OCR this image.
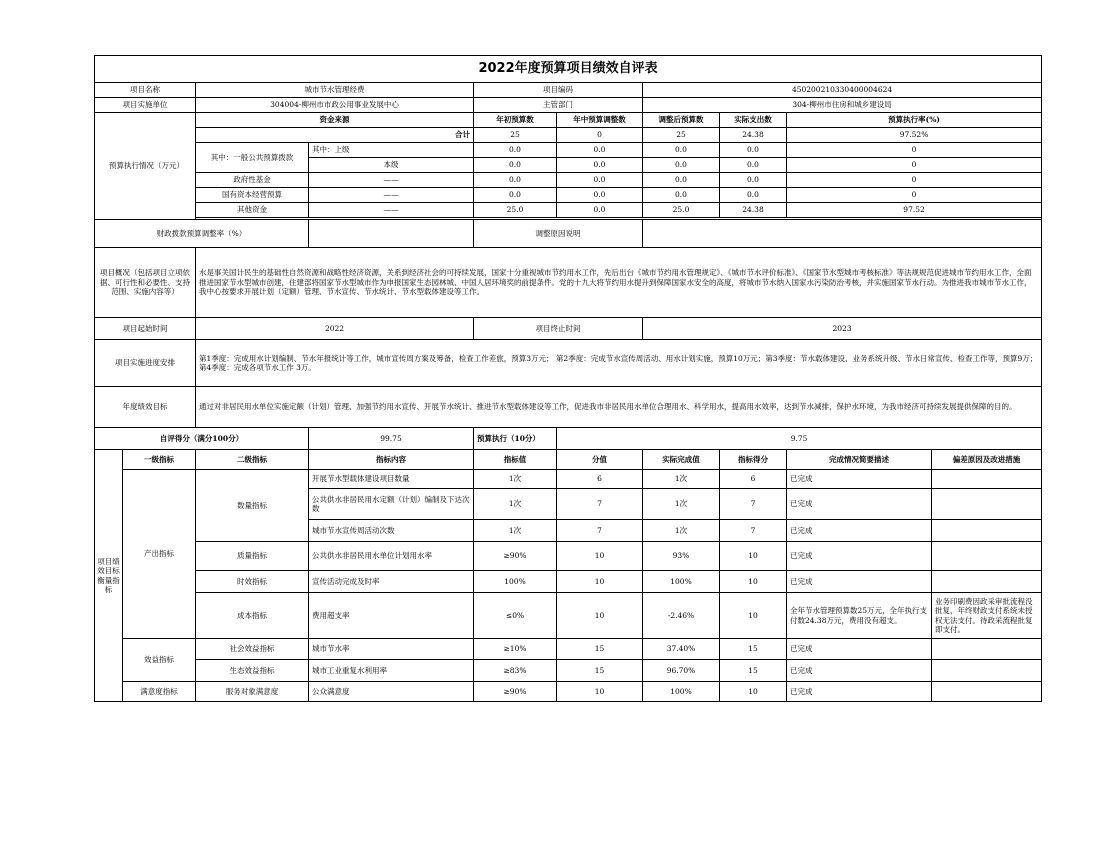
2022年度预算项目绩效自评表									
项目名称		城市节水管理经费		项目编码		450200210330400004624			
项目实施单位		304004-柳州市市政公用事业发展中心		主管部门		304-柳州市住房和城乡建设局			
预算执行情况（万元）		资金来源		年初预算数	年中预算调整数	调整后预算数	实际支出数	预算执行率(%)	
		合计		25	0	25	24.38	97.52%	
		其中：一般公共预算拨款	其中：上级	0.0	0.0	0.0	0.0	0	
			本级	0.0	0.0	0.0	0.0	0	
		政府性基金	——	0.0	0.0	0.0	0.0	0	
		国有资本经营预算	——	0.0	0.0	0.0	0.0	0	
		其他资金	——	25.0	0.0	25.0	24.38	97.52	

财政拨款预算调整率（%）				调整原因说明					
项目概况（包括项目立项依据、可行性和必要性、支持范围、实施内容等）		水是事关国计民生的基础性自然资源和战略性经济资源，关系到经济社会的可持续发展，国家十分重视城市节约用水工作，先后出台《城市节约用水管理规定》、《城市节水评价标准》、《国家节水型城市考核标准》等法规规范促进城市节约用水工作，全面推进国家节水型城市创建，住建部将国家节水型城市作为申报国家生态园林城、中国人居环境奖的前提条件。党的十九大将节约用水提升到保障国家水安全的高度，将城市节水纳入国家水污染防治考核，并实施国家节水行动。为推进我市城市节水工作，我中心按要求开展计划（定额）管理、节水宣传、节水统计、节水型载体建设等工作。							
项目起始时间		2022		项目终止时间		2023			
项目实施进度安排		第1季度：完成用水计划编制、节水年报统计等工作，城市宣传周方案及筹备，检查工作差旅，预算3万元； 第2季度：完成节水宣传周活动、用水计划实施，预算10万元；第3季度：节水载体建设、业务系统升级、节水日常宣传、检查工作等，预算9万；第4季度：完成各项节水工作 3万。							
年度绩效目标		通过对非居民用水单位实施定额（计划）管理、加强节约用水宣传、开展节水统计、推进节水型载体建设等工作，促进我市非居民用水单位合理用水、科学用水，提高用水效率，达到节水减排，保护水环境，为我市经济可持续发展提供保障的目的。							
自评得分（满分100分）			99.75	预算执行（10分）	9.75				
项目绩效目标衡量指标	一级指标	二级指标	指标内容	指标值	分值	实际完成值	指标得分	完成情况简要描述	偏差原因及改进措施
	产出指标	数量指标	开展节水型载体建设项目数量	1次	6	1次	6	已完成	
			公共供水非居民用水定额（计划）编制及下达次数	1次	7	1次	7	已完成	
			城市节水宣传周活动次数	1次	7	1次	7	已完成	
		质量指标	公共供水非居民用水单位计划用水率	≥90%	10	93%	10	已完成	
		时效指标	宣传活动完成及时率	100%	10	100%	10	已完成	
		成本指标	费用超支率	≤0%	10	-2.46%	10	全年节水管理预算数25万元，全年执行支付数24.38万元，费用没有超支。	业务印刷费因政采审批流程没批复，年终财政支付系统未授权无法支付。待政采流程批复即支付。
	效益指标	社会效益指标	城市节水率	≥10%	15	37.40%	15	已完成	
		生态效益指标	城市工业重复水利用率	≥83%	15	96.70%	15	已完成	
	满意度指标	服务对象满意度	公众满意度	≥90%	10	100%	10	已完成	
